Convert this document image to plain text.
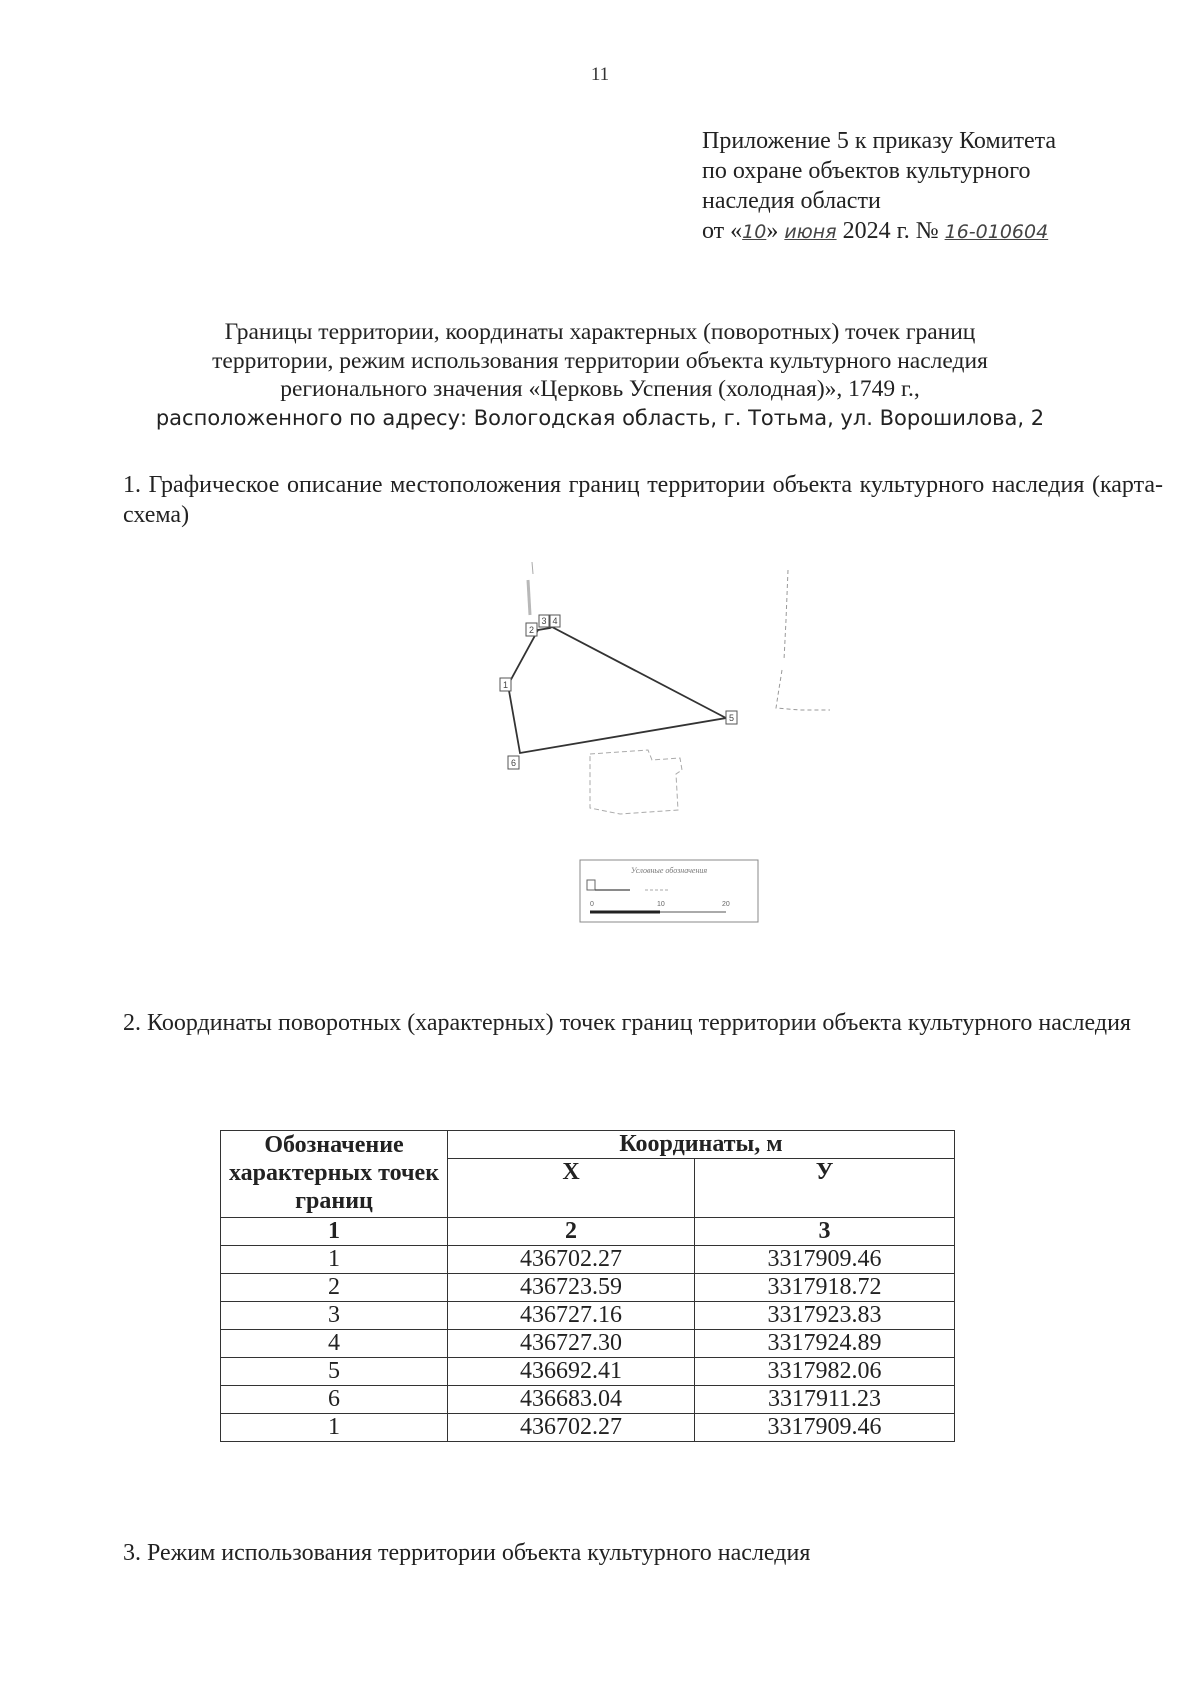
11
Приложение 5 к приказу Комитета
по охране объектов культурного
наследия области
от «10» июня 2024 г. № 16-010604
Границы территории, координаты характерных (поворотных) точек границ
территории, режим использования территории объекта культурного наследия
регионального значения «Церковь Успения (холодная)», 1749 г.,
расположенного по адресу: Вологодская область, г. Тотьма, ул. Ворошилова, 2
1. Графическое описание местоположения границ территории объекта культурного наследия (карта-схема)
1
2
3 4
5
6
Условные обозначения
0	10	20
2. Координаты поворотных (характерных) точек границ территории объекта культурного наследия
Обозначение характерных точек границ	Координаты, м	
	X	У
1	2	3
1	436702.27	3317909.46
2	436723.59	3317918.72
3	436727.16	3317923.83
4	436727.30	3317924.89
5	436692.41	3317982.06
6	436683.04	3317911.23
1	436702.27	3317909.46
3. Режим использования территории объекта культурного наследия
